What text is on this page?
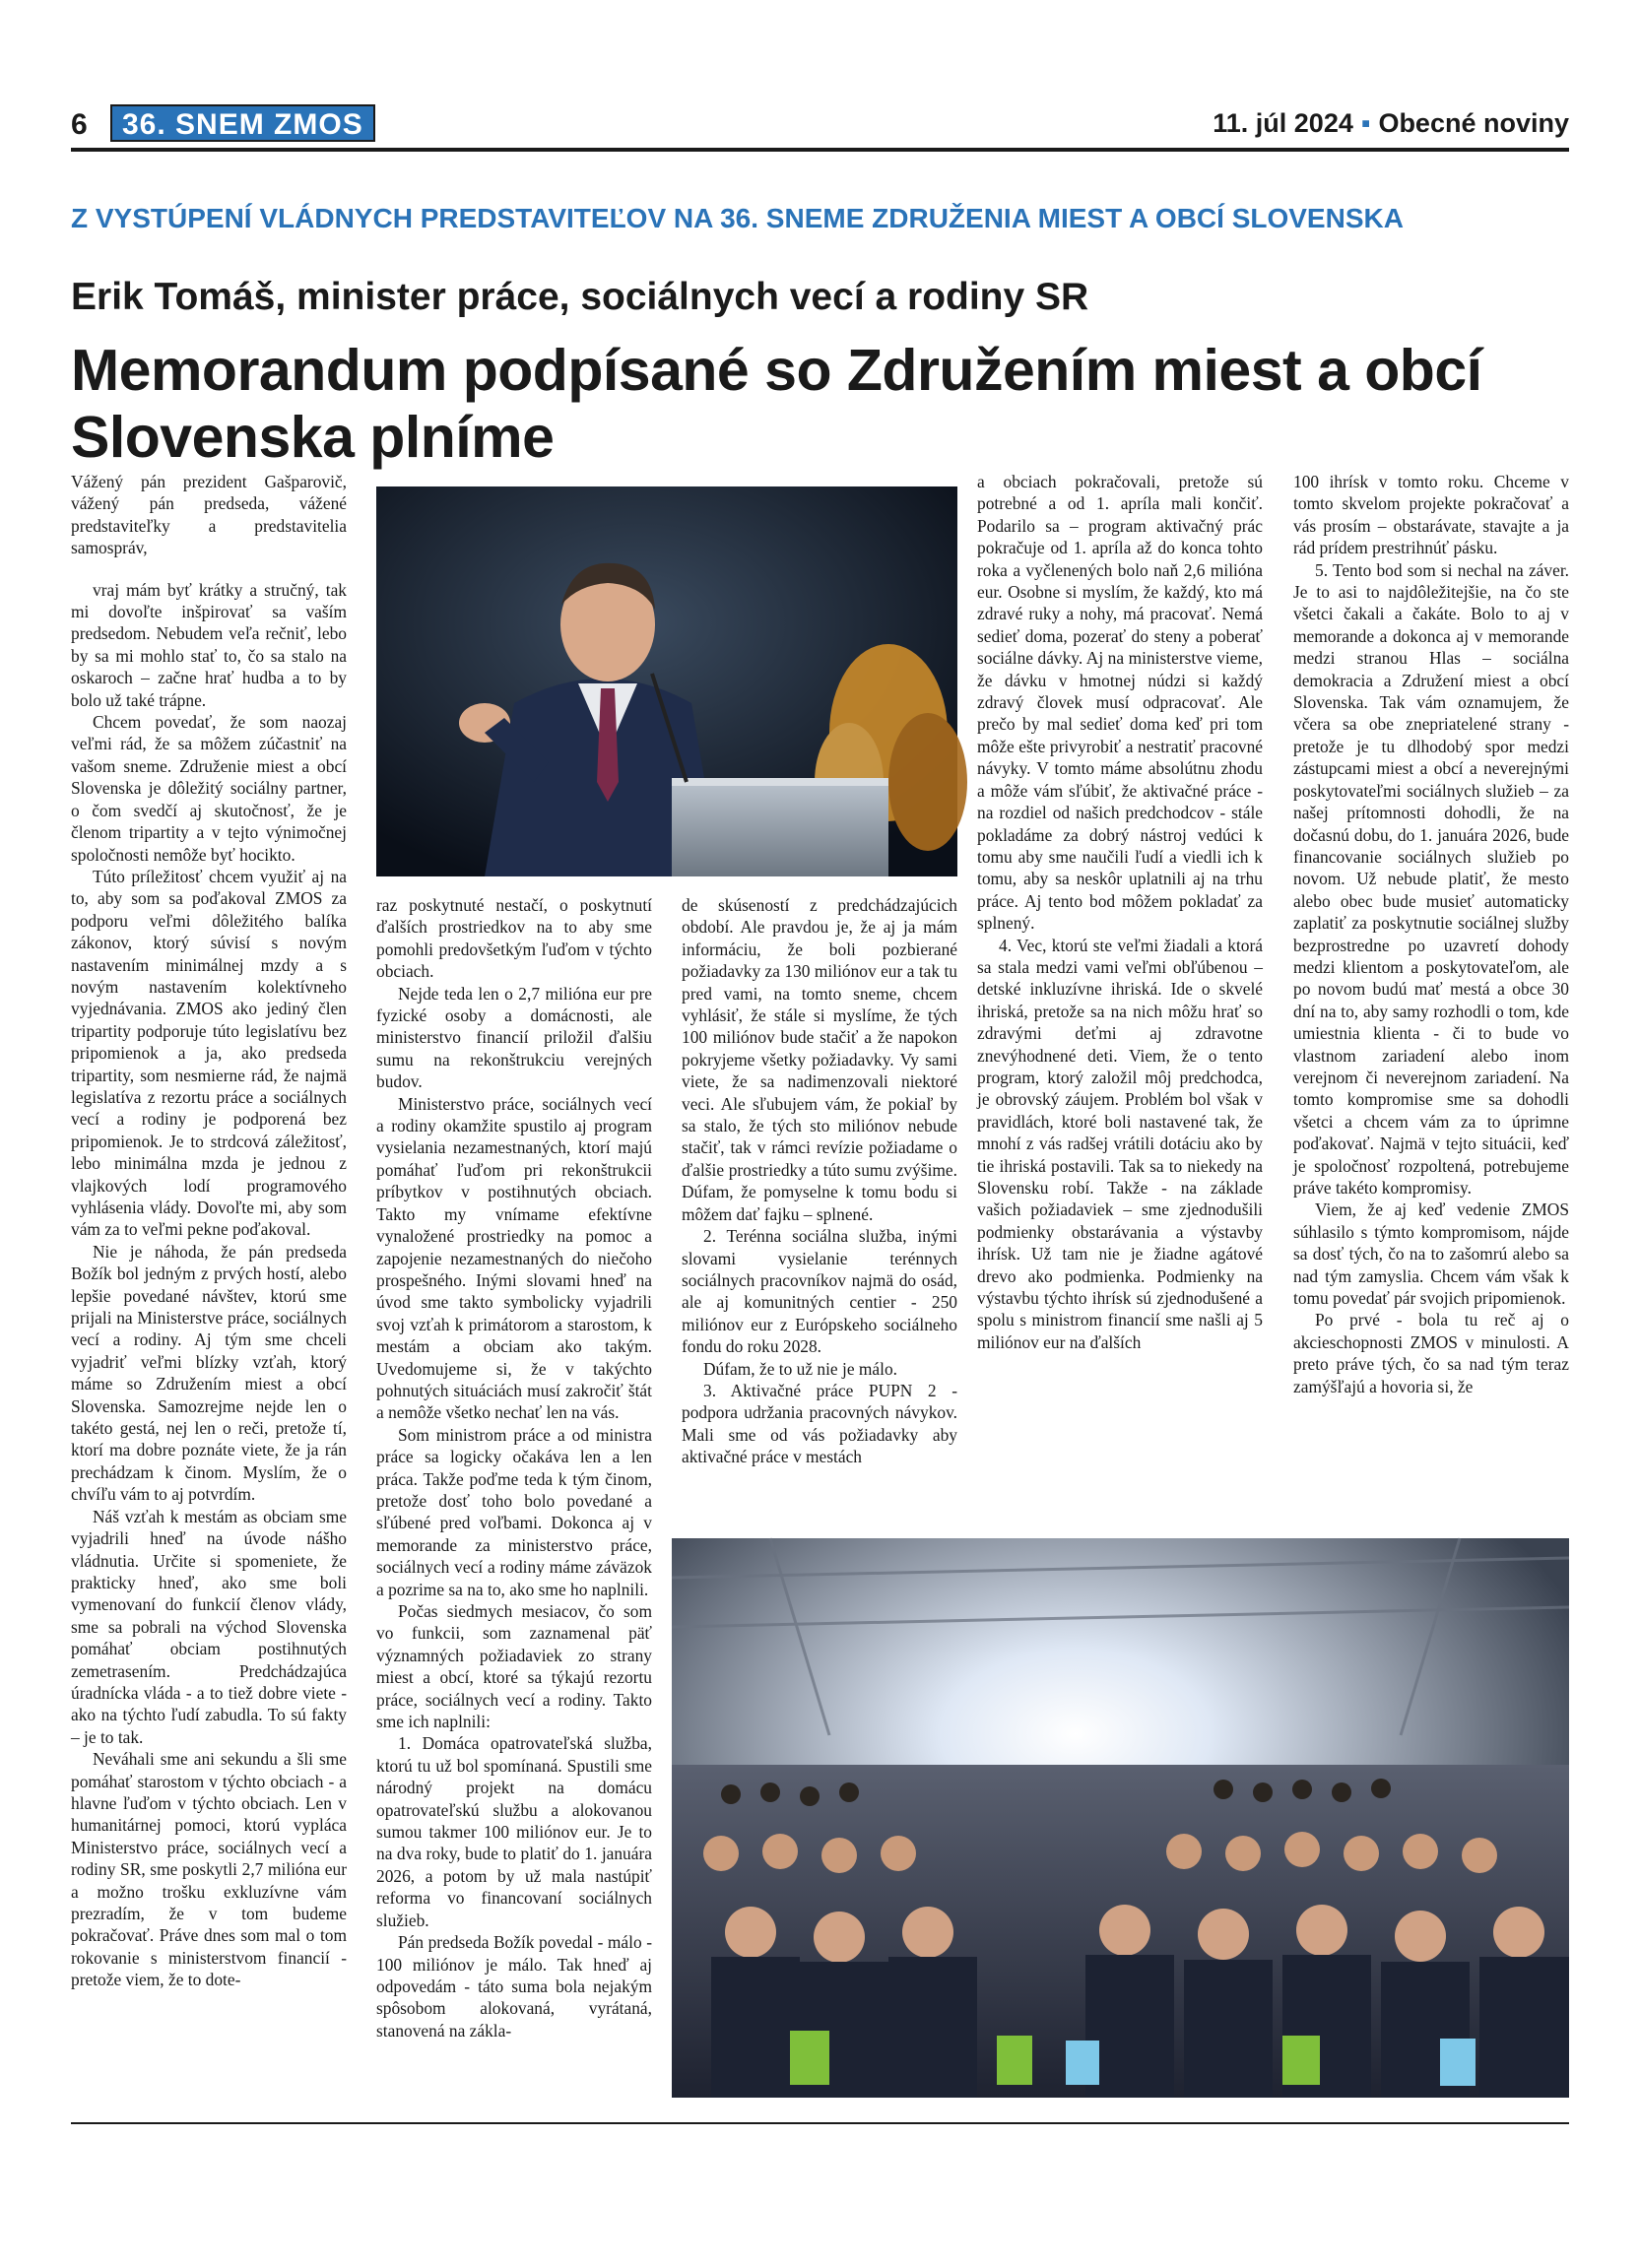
6	36. SNEM ZMOS	11. júl 2024 ▪ Obecné noviny
Z VYSTÚPENÍ VLÁDNYCH PREDSTAVITEĽOV NA 36. SNEME ZDRUŽENIA MIEST A OBCÍ SLOVENSKA
Erik Tomáš, minister práce, sociálnych vecí a rodiny SR
Memorandum podpísané so Združením miest a obcí Slovenska plníme

Vážený pán prezident Gašparovič, vážený pán predseda, vážené predstaviteľky a predstavitelia samospráv,

vraj mám byť krátky a stručný, tak mi dovoľte inšpirovať sa vaším predsedom. Nebudem veľa rečniť, lebo by sa mi mohlo stať to, čo sa stalo na oskaroch – začne hrať hudba a to by bolo už také trápne.

Chcem povedať, že som naozaj veľmi rád, že sa môžem zúčastniť na vašom sneme. Združenie miest a obcí Slovenska je dôležitý sociálny partner, o čom svedčí aj skutočnosť, že je členom tripartity a v tejto výnimočnej spoločnosti nemôže byť hocikto.

Túto príležitosť chcem využiť aj na to, aby som sa poďakoval ZMOS za podporu veľmi dôležitého balíka zákonov, ktorý súvisí s novým nastavením minimálnej mzdy a s novým nastavením kolektívneho vyjednávania. ZMOS ako jediný člen tripartity podporuje túto legislatívu bez pripomienok a ja, ako predseda tripartity, som nesmierne rád, že najmä legislatíva z rezortu práce a sociálnych vecí a rodiny je podporená bez pripomienok. Je to strdcová záležitosť, lebo minimálna mzda je jednou z vlajkových lodí programového vyhlásenia vlády. Dovoľte mi, aby som vám za to veľmi pekne poďakoval.

Nie je náhoda, že pán predseda Božík bol jedným z prvých hostí, alebo lepšie povedané návštev, ktorú sme prijali na Ministerstve práce, sociálnych vecí a rodiny. Aj tým sme chceli vyjadriť veľmi blízky vzťah, ktorý máme so Združením miest a obcí Slovenska. Samozrejme nejde len o takéto gestá, nej len o reči, pretože tí, ktorí ma dobre poznáte viete, že ja rán prechádzam k činom. Myslím, že o chvíľu vám to aj potvrdím.

Náš vzťah k mestám as obciam sme vyjadrili hneď na úvode nášho vládnutia. Určite si spomeniete, že prakticky hneď, ako sme boli vymenovaní do funkcií členov vlády, sme sa pobrali na východ Slovenska pomáhať obciam postihnutých zemetrasením. Predchádzajúca úradnícka vláda - a to tiež dobre viete - ako na týchto ľudí zabudla. To sú fakty – je to tak.

Neváhali sme ani sekundu a šli sme pomáhať starostom v týchto obciach - a hlavne ľuďom v týchto obciach. Len v humanitárnej pomoci, ktorú vypláca Ministerstvo práce, sociálnych vecí a rodiny SR, sme poskytli 2,7 milióna eur a možno trošku exkluzívne vám prezradím, že v tom budeme pokračovať. Práve dnes som mal o tom rokovanie s ministerstvom financií - pretože viem, že to dote-

raz poskytnuté nestačí, o poskytnutí ďalších prostriedkov na to aby sme pomohli predovšetkým ľuďom v týchto obciach.

Nejde teda len o 2,7 milióna eur pre fyzické osoby a domácnosti, ale ministerstvo financií priložil ďalšiu sumu na rekonštrukciu verejných budov.

Ministerstvo práce, sociálnych vecí a rodiny okamžite spustilo aj program vysielania nezamestnaných, ktorí majú pomáhať ľuďom pri rekonštrukcii príbytkov v postihnutých obciach. Takto my vnímame efektívne vynaložené prostriedky na pomoc a zapojenie nezamestnaných do niečoho prospešného. Inými slovami hneď na úvod sme takto symbolicky vyjadrili svoj vzťah k primátorom a starostom, k mestám a obciam ako takým. Uvedomujeme si, že v takýchto pohnutých situáciách musí zakročiť štát a nemôže všetko nechať len na vás.

Som ministrom práce a od ministra práce sa logicky očakáva len a len práca. Takže poďme teda k tým činom, pretože dosť toho bolo povedané a sľúbené pred voľbami. Dokonca aj v memorande za ministerstvo práce, sociálnych vecí a rodiny máme záväzok a pozrime sa na to, ako sme ho naplnili.

Počas siedmych mesiacov, čo som vo funkcii, som zaznamenal päť významných požiadaviek zo strany miest a obcí, ktoré sa týkajú rezortu práce, sociálnych vecí a rodiny. Takto sme ich naplnili:

1. Domáca opatrovateľská služba, ktorú tu už bol spomínaná. Spustili sme národný projekt na domácu opatrovateľskú službu a alokovanou sumou takmer 100 miliónov eur. Je to na dva roky, bude to platiť do 1. januára 2026, a potom by už mala nastúpiť reforma vo financovaní sociálnych služieb.

Pán predseda Božík povedal - málo - 100 miliónov je málo. Tak hneď aj odpovedám - táto suma bola nejakým spôsobom alokovaná, vyrátaná, stanovená na zákla-

de skúseností z predchádzajúcich období. Ale pravdou je, že aj ja mám informáciu, že boli pozbierané požiadavky za 130 miliónov eur a tak tu pred vami, na tomto sneme, chcem vyhlásiť, že stále si myslíme, že tých 100 miliónov bude stačiť a že napokon pokryjeme všetky požiadavky. Vy sami viete, že sa nadimenzovali niektoré veci. Ale sľubujem vám, že pokiaľ by sa stalo, že tých sto miliónov nebude stačiť, tak v rámci revízie požiadame o ďalšie prostriedky a túto sumu zvýšime. Dúfam, že pomyselne k tomu bodu si môžem dať fajku – splnené.

2. Terénna sociálna služba, inými slovami vysielanie terénnych sociálnych pracovníkov najmä do osád, ale aj komunitných centier - 250 miliónov eur z Európskeho sociálneho fondu do roku 2028.

Dúfam, že to už nie je málo.

3. Aktivačné práce PUPN 2 - podpora udržania pracovných návykov. Mali sme od vás požiadavky aby aktivačné práce v mestách

a obciach pokračovali, pretože sú potrebné a od 1. apríla mali končiť. Podarilo sa – program aktivačný prác pokračuje od 1. apríla až do konca tohto roka a vyčlenených bolo naň 2,6 milióna eur. Osobne si myslím, že každý, kto má zdravé ruky a nohy, má pracovať. Nemá sedieť doma, pozerať do steny a poberať sociálne dávky. Aj na ministerstve vieme, že dávku v hmotnej núdzi si každý zdravý človek musí odpracovať. Ale prečo by mal sedieť doma keď pri tom môže ešte privyrobiť a nestratiť pracovné návyky. V tomto máme absolútnu zhodu a môže vám sľúbiť, že aktivačné práce - na rozdiel od našich predchodcov - stále pokladáme za dobrý nástroj vedúci k tomu aby sme naučili ľudí a viedli ich k tomu, aby sa neskôr uplatnili aj na trhu práce. Aj tento bod môžem pokladať za splnený.

4. Vec, ktorú ste veľmi žiadali a ktorá sa stala medzi vami veľmi obľúbenou – detské inkluzívne ihriská. Ide o skvelé ihriská, pretože sa na nich môžu hrať so zdravými deťmi aj zdravotne znevýhodnené deti. Viem, že o tento program, ktorý založil môj predchodca, je obrovský záujem. Problém bol však v pravidlách, ktoré boli nastavené tak, že mnohí z vás radšej vrátili dotáciu ako by tie ihriská postavili. Tak sa to niekedy na Slovensku robí. Takže - na základe vašich požiadaviek – sme zjednodušili podmienky obstarávania a výstavby ihrísk. Už tam nie je žiadne agátové drevo ako podmienka. Podmienky na výstavbu týchto ihrísk sú zjednodušené a spolu s ministrom financií sme našli aj 5 miliónov eur na ďalších

100 ihrísk v tomto roku. Chceme v tomto skvelom projekte pokračovať a vás prosím – obstarávate, stavajte a ja rád prídem prestrihnúť pásku.

5. Tento bod som si nechal na záver. Je to asi to najdôležitejšie, na čo ste všetci čakali a čakáte. Bolo to aj v memorande a dokonca aj v memorande medzi stranou Hlas – sociálna demokracia a Združení miest a obcí Slovenska. Tak vám oznamujem, že včera sa obe znepriatelené strany - pretože je tu dlhodobý spor medzi zástupcami miest a obcí a neverejnými poskytovateľmi sociálnych služieb – za našej prítomnosti dohodli, že na dočasnú dobu, do 1. januára 2026, bude financovanie sociálnych služieb po novom. Už nebude platiť, že mesto alebo obec bude musieť automaticky zaplatiť za poskytnutie sociálnej služby bezprostredne po uzavretí dohody medzi klientom a poskytovateľom, ale po novom budú mať mestá a obce 30 dní na to, aby samy rozhodli o tom, kde umiestnia klienta - či to bude vo vlastnom zariadení alebo inom verejnom či neverejnom zariadení. Na tomto kompromise sme sa dohodli všetci a chcem vám za to úprimne poďakovať. Najmä v tejto situácii, keď je spoločnosť rozpoltená, potrebujeme práve takéto kompromisy.

Viem, že aj keď vedenie ZMOS súhlasilo s týmto kompromisom, nájde sa dosť tých, čo na to zašomrú alebo sa nad tým zamyslia. Chcem vám však k tomu povedať pár svojich pripomienok.

Po prvé - bola tu reč aj o akcieschopnosti ZMOS v minulosti. A preto práve tých, čo sa nad tým teraz zamýšľajú a hovoria si, že
